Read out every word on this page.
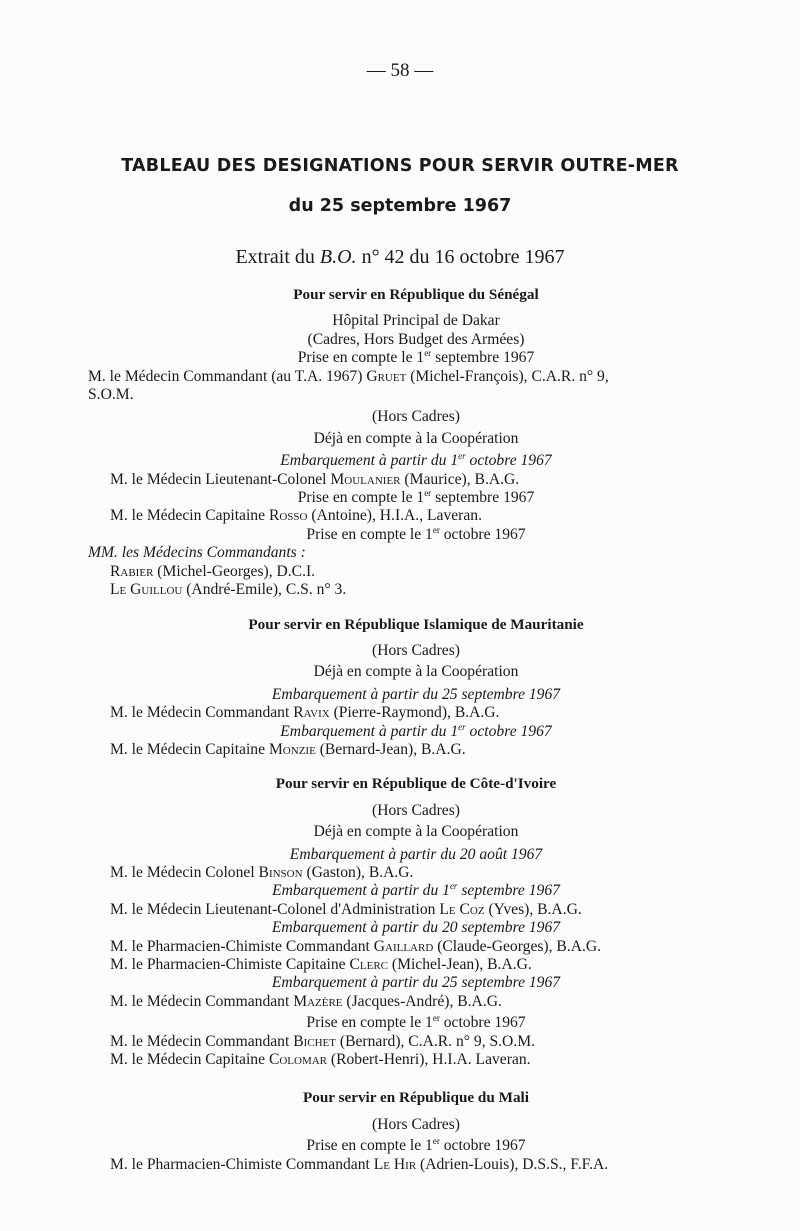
— 58 —
TABLEAU DES DESIGNATIONS POUR SERVIR OUTRE-MER
du 25 septembre 1967
Extrait du B.O. n° 42 du 16 octobre 1967
Pour servir en République du Sénégal
Hôpital Principal de Dakar
(Cadres, Hors Budget des Armées)
Prise en compte le 1er septembre 1967
M. le Médecin Commandant (au T.A. 1967) Gruet (Michel-François), C.A.R. n° 9,
S.O.M.
(Hors Cadres)
Déjà en compte à la Coopération
Embarquement à partir du 1er octobre 1967
M. le Médecin Lieutenant-Colonel Moulanier (Maurice), B.A.G.
Prise en compte le 1er septembre 1967
M. le Médecin Capitaine Rosso (Antoine), H.I.A., Laveran.
Prise en compte le 1er octobre 1967
MM. les Médecins Commandants :
Rabier (Michel-Georges), D.C.I.
Le Guillou (André-Emile), C.S. n° 3.
Pour servir en République Islamique de Mauritanie
(Hors Cadres)
Déjà en compte à la Coopération
Embarquement à partir du 25 septembre 1967
M. le Médecin Commandant Ravix (Pierre-Raymond), B.A.G.
Embarquement à partir du 1er octobre 1967
M. le Médecin Capitaine Monzie (Bernard-Jean), B.A.G.
Pour servir en République de Côte-d'Ivoire
(Hors Cadres)
Déjà en compte à la Coopération
Embarquement à partir du 20 août 1967
M. le Médecin Colonel Binson (Gaston), B.A.G.
Embarquement à partir du 1er septembre 1967
M. le Médecin Lieutenant-Colonel d'Administration Le Coz (Yves), B.A.G.
Embarquement à partir du 20 septembre 1967
M. le Pharmacien-Chimiste Commandant Gaillard (Claude-Georges), B.A.G.
M. le Pharmacien-Chimiste Capitaine Clerc (Michel-Jean), B.A.G.
Embarquement à partir du 25 septembre 1967
M. le Médecin Commandant Mazère (Jacques-André), B.A.G.
Prise en compte le 1er octobre 1967
M. le Médecin Commandant Bichet (Bernard), C.A.R. n° 9, S.O.M.
M. le Médecin Capitaine Colomar (Robert-Henri), H.I.A. Laveran.
Pour servir en République du Mali
(Hors Cadres)
Prise en compte le 1er octobre 1967
M. le Pharmacien-Chimiste Commandant Le Hir (Adrien-Louis), D.S.S., F.F.A.
